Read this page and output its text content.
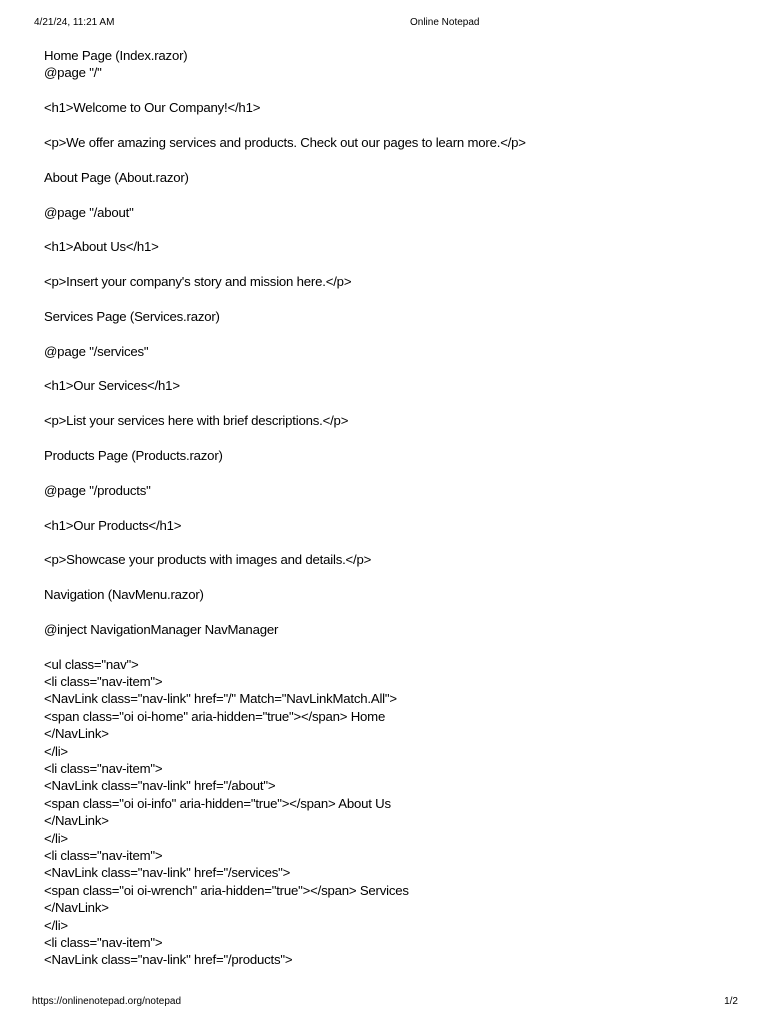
4/21/24, 11:21 AM	Online Notepad
Home Page (Index.razor)
@page "/"
<h1>Welcome to Our Company!</h1>
<p>We offer amazing services and products. Check out our pages to learn more.</p>
About Page (About.razor)
@page "/about"
<h1>About Us</h1>
<p>Insert your company's story and mission here.</p>
Services Page (Services.razor)
@page "/services"
<h1>Our Services</h1>
<p>List your services here with brief descriptions.</p>
Products Page (Products.razor)
@page "/products"
<h1>Our Products</h1>
<p>Showcase your products with images and details.</p>
Navigation (NavMenu.razor)
@inject NavigationManager NavManager
<ul class="nav">
<li class="nav-item">
<NavLink class="nav-link" href="/" Match="NavLinkMatch.All">
<span class="oi oi-home" aria-hidden="true"></span> Home
</NavLink>
</li>
<li class="nav-item">
<NavLink class="nav-link" href="/about">
<span class="oi oi-info" aria-hidden="true"></span> About Us
</NavLink>
</li>
<li class="nav-item">
<NavLink class="nav-link" href="/services">
<span class="oi oi-wrench" aria-hidden="true"></span> Services
</NavLink>
</li>
<li class="nav-item">
<NavLink class="nav-link" href="/products">
https://onlinenotepad.org/notepad	1/2
